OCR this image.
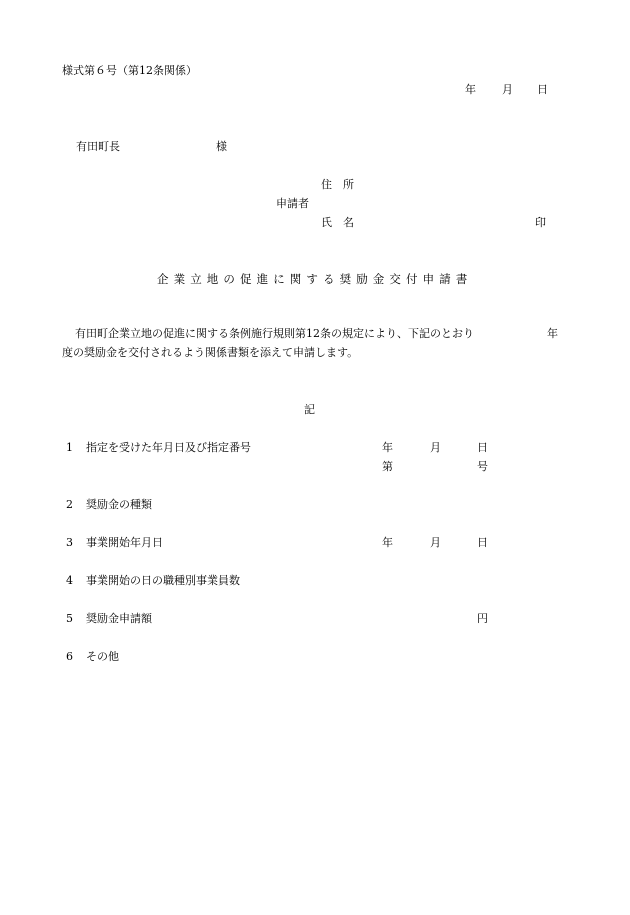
様式第６号（第12条関係）
年 月 日
有田町長	様
住　所
申請者
氏　名	印
企業立地の促進に関する奨励金交付申請書
有田町企業立地の促進に関する条例施行規則第12条の規定により、下記のとおり	年
度の奨励金を交付されるよう関係書類を添えて申請します。
記
1 指定を受けた年月日及び指定番号	年	月	日
第	号
2 奨励金の種類
3 事業開始年月日	年	月	日
4 事業開始の日の職種別事業員数
5 奨励金申請額	円
6 その他
